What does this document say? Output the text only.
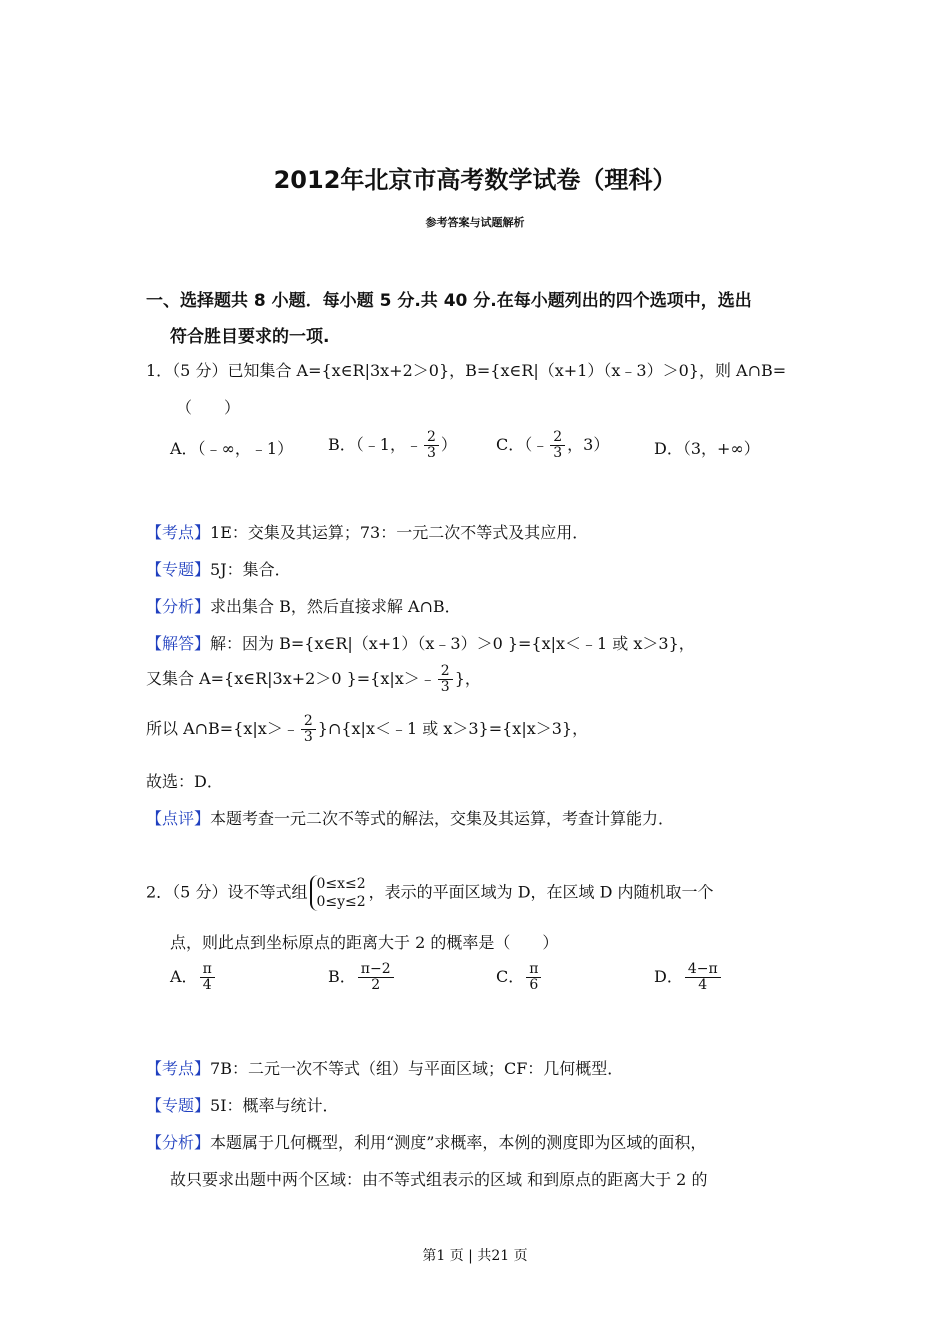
2012年北京市高考数学试卷（理科）
参考答案与试题解析
一、选择题共 8 小题．每小题 5 分.共 40 分.在每小题列出的四个选项中，选出
符合胜目要求的一项.
1．（5 分）已知集合 A={x∈R|3x+2＞0}，B={x∈R|（x+1）（x﹣3）＞0}，则 A∩B=
（　　）
A．（﹣∞，﹣1） B．（﹣1，﹣ $\frac{2}{3}$ ） C．（﹣ $\frac{2}{3}$ ，3）	D．（3，+∞）
【考点】1E：交集及其运算；73：一元二次不等式及其应用．
【专题】5J：集合．
【分析】求出集合 B，然后直接求解 A∩B．
【解答】解：因为 B={x∈R|（x+1）（x﹣3）＞0 }={x|x＜﹣1 或 x＞3}，
又集合 A={x∈R|3x+2＞0 }={x|x＞﹣ $\frac{2}{3}$ }，
所以 A∩B={x|x＞﹣ $\frac{2}{3}$ }∩{x|x＜﹣1 或 x＞3}={x|x＞3}，
故选：D．
【点评】本题考查一元二次不等式的解法，交集及其运算，考查计算能力．
2．（5 分）设不等式组 0≤x≤2
0≤y≤2
，表示的平面区域为 D，在区域 D 内随机取一个
点，则此点到坐标原点的距离大于 2 的概率是（　　）
A． $\frac{\pi}{4}$	B． $\frac{\pi-2}{2}$	C． $\frac{\pi}{6}$	D． $\frac{4-\pi}{4}$
【考点】7B：二元一次不等式（组）与平面区域；CF：几何概型．
【专题】5I：概率与统计．
【分析】本题属于几何概型，利用“测度”求概率，本例的测度即为区域的面积，
故只要求出题中两个区域：由不等式组表示的区域 和到原点的距离大于 2 的
第1 页 | 共21 页
